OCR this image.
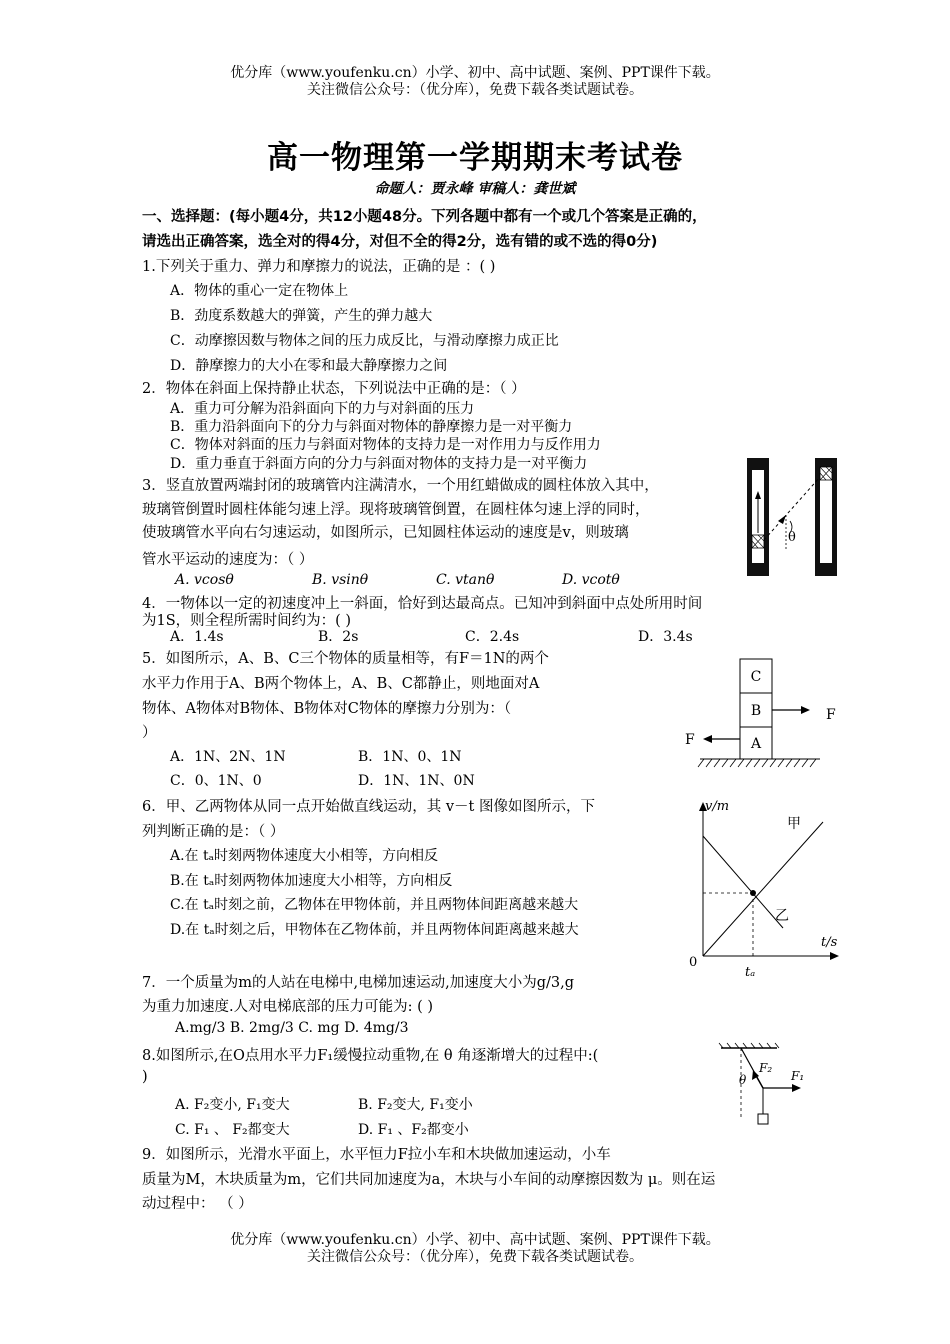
优分库（www.youfenku.cn）小学、初中、高中试题、案例、PPT课件下载。
关注微信公众号：（优分库），免费下载各类试题试卷。
高一物理第一学期期末考试卷
命题人：贾永峰 审稿人：龚世斌
一、选择题：(每小题4分，共12小题48分。下列各题中都有一个或几个答案是正确的，
请选出正确答案，选全对的得4分，对但不全的得2分，选有错的或不选的得0分)
1.下列关于重力、弹力和摩擦力的说法，正确的是 ：( )
A．物体的重心一定在物体上
B．劲度系数越大的弹簧，产生的弹力越大
C．动摩擦因数与物体之间的压力成反比，与滑动摩擦力成正比
D．静摩擦力的大小在零和最大静摩擦力之间
2．物体在斜面上保持静止状态，下列说法中正确的是：（ ）
A．重力可分解为沿斜面向下的力与对斜面的压力
B．重力沿斜面向下的分力与斜面对物体的静摩擦力是一对平衡力
C．物体对斜面的压力与斜面对物体的支持力是一对作用力与反作用力
D．重力垂直于斜面方向的分力与斜面对物体的支持力是一对平衡力
3．竖直放置两端封闭的玻璃管内注满清水，一个用红蜡做成的圆柱体放入其中，
玻璃管倒置时圆柱体能匀速上浮。现将玻璃管倒置，在圆柱体匀速上浮的同时，
使玻璃管水平向右匀速运动，如图所示，已知圆柱体运动的速度是v，则玻璃
管水平运动的速度为：（ ）
A. vcosθ	B. vsinθ	C. vtanθ	D. vcotθ
θ
4．一物体以一定的初速度冲上一斜面，恰好到达最高点。已知冲到斜面中点处所用时间
为1S，则全程所需时间约为：( )
A．1.4s	B．2s	C．2.4s	D．3.4s
5．如图所示，A、B、C三个物体的质量相等，有F＝1N的两个
水平力作用于A、B两个物体上，A、B、C都静止，则地面对A
物体、A物体对B物体、B物体对C物体的摩擦力分别为：（
）
A．1N、2N、1N	B．1N、0、1N
C．0、1N、0	D．1N、1N、0N
C
B
A
F
F
6．甲、乙两物体从同一点开始做直线运动，其 v－t 图像如图所示，下
列判断正确的是：（ ）
A.在 tₐ时刻两物体速度大小相等，方向相反
B.在 tₐ时刻两物体加速度大小相等，方向相反
C.在 tₐ时刻之前，乙物体在甲物体前，并且两物体间距离越来越大
D.在 tₐ时刻之后，甲物体在乙物体前，并且两物体间距离越来越大
v/m
t/s
0
甲
乙
tₐ
7．一个质量为m的人站在电梯中,电梯加速运动,加速度大小为g/3,g
为重力加速度.人对电梯底部的压力可能为: ( )
A.mg/3 B. 2mg/3 C. mg D. 4mg/3
8.如图所示,在O点用水平力F₁缓慢拉动重物,在 θ 角逐渐增大的过程中:(
)
A. F₂变小, F₁变大	B. F₂变大, F₁变小
C. F₁ 、 F₂都变大	D. F₁ 、F₂都变小
F₂
F₁
θ
9．如图所示，光滑水平面上，水平恒力F拉小车和木块做加速运动，小车
质量为M，木块质量为m，它们共同加速度为a，木块与小车间的动摩擦因数为 μ。则在运
动过程中： （ ）
优分库（www.youfenku.cn）小学、初中、高中试题、案例、PPT课件下载。
关注微信公众号：（优分库），免费下载各类试题试卷。
